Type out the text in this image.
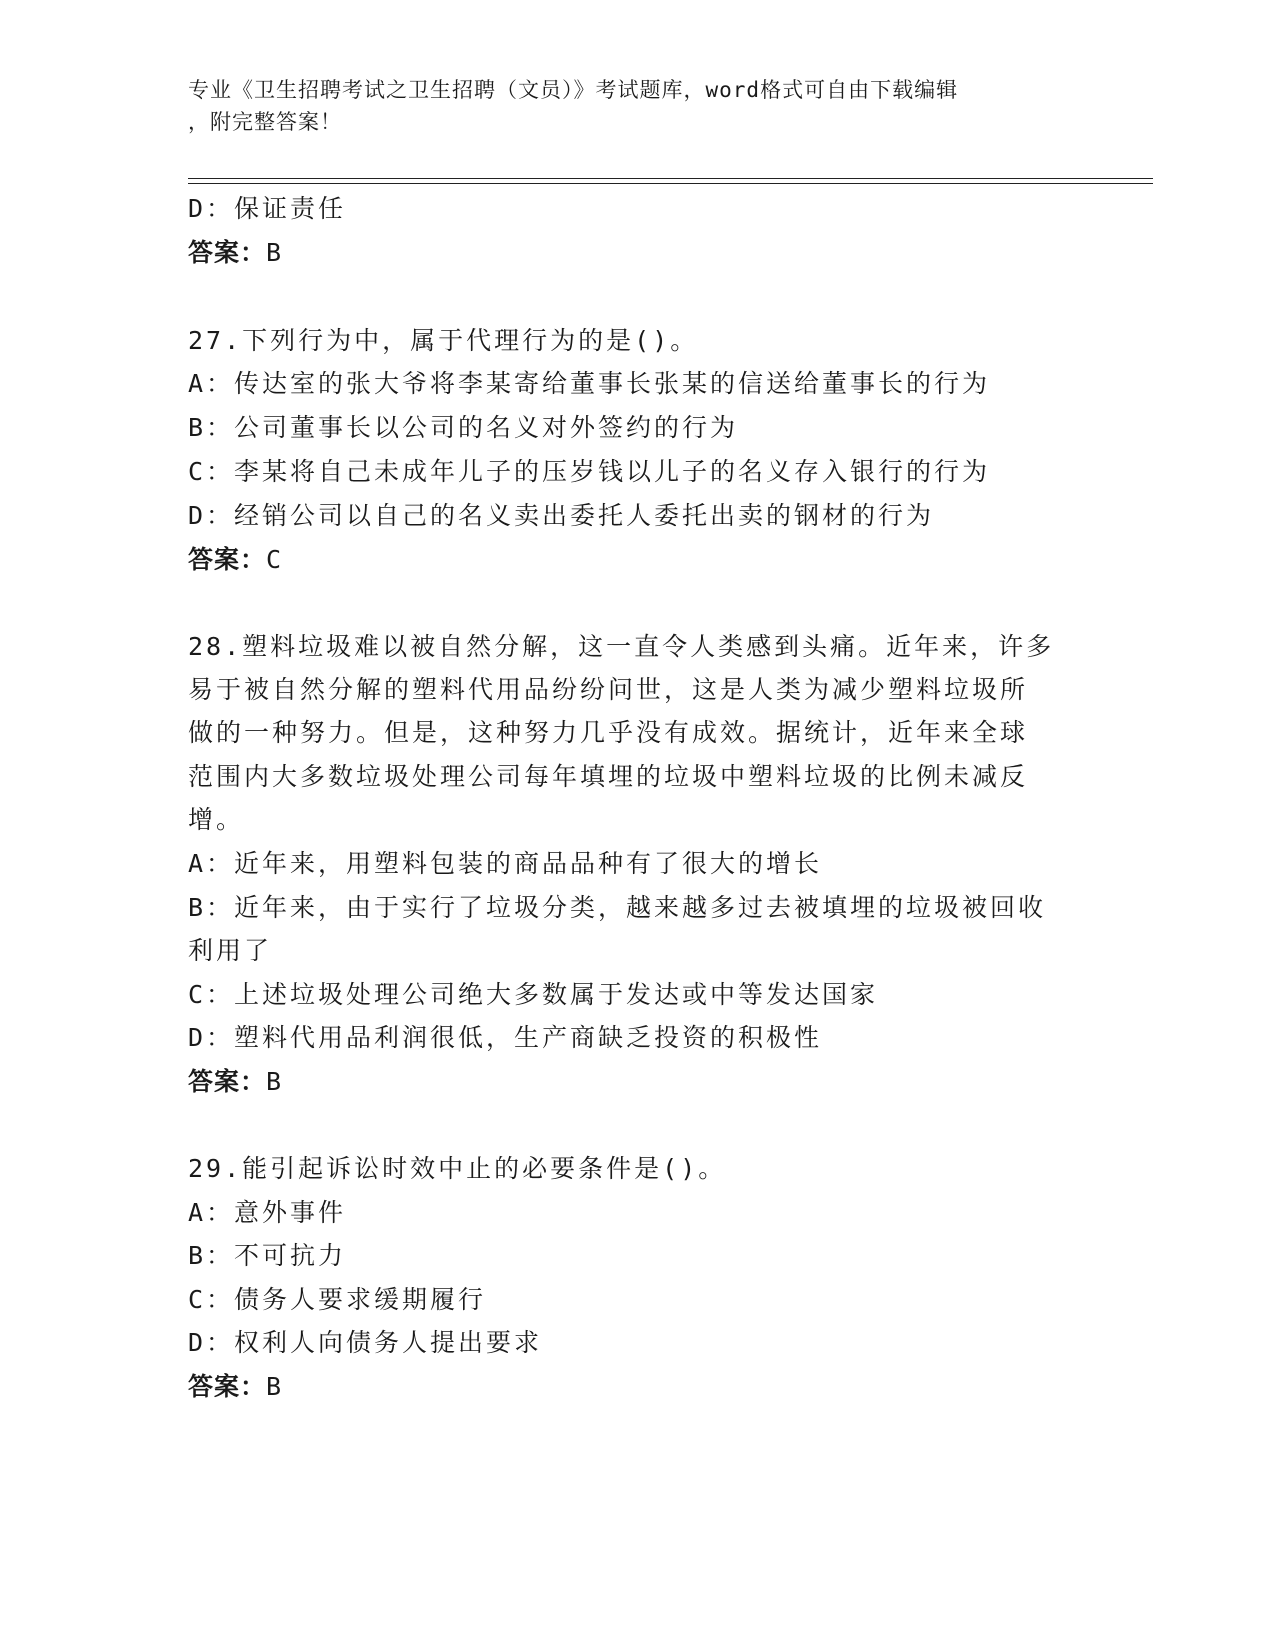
专业《卫生招聘考试之卫生招聘（文员）》考试题库，word格式可自由下载编辑
，附完整答案！
D：保证责任
答案：B
27.下列行为中，属于代理行为的是()。
A：传达室的张大爷将李某寄给董事长张某的信送给董事长的行为
B：公司董事长以公司的名义对外签约的行为
C：李某将自己未成年儿子的压岁钱以儿子的名义存入银行的行为
D：经销公司以自己的名义卖出委托人委托出卖的钢材的行为
答案：C
28.塑料垃圾难以被自然分解，这一直令人类感到头痛。近年来，许多
易于被自然分解的塑料代用品纷纷问世，这是人类为减少塑料垃圾所
做的一种努力。但是，这种努力几乎没有成效。据统计，近年来全球
范围内大多数垃圾处理公司每年填埋的垃圾中塑料垃圾的比例未减反
增。
A：近年来，用塑料包装的商品品种有了很大的增长
B：近年来，由于实行了垃圾分类，越来越多过去被填埋的垃圾被回收
利用了
C：上述垃圾处理公司绝大多数属于发达或中等发达国家
D：塑料代用品利润很低，生产商缺乏投资的积极性
答案：B
29.能引起诉讼时效中止的必要条件是()。
A：意外事件
B：不可抗力
C：债务人要求缓期履行
D：权利人向债务人提出要求
答案：B
